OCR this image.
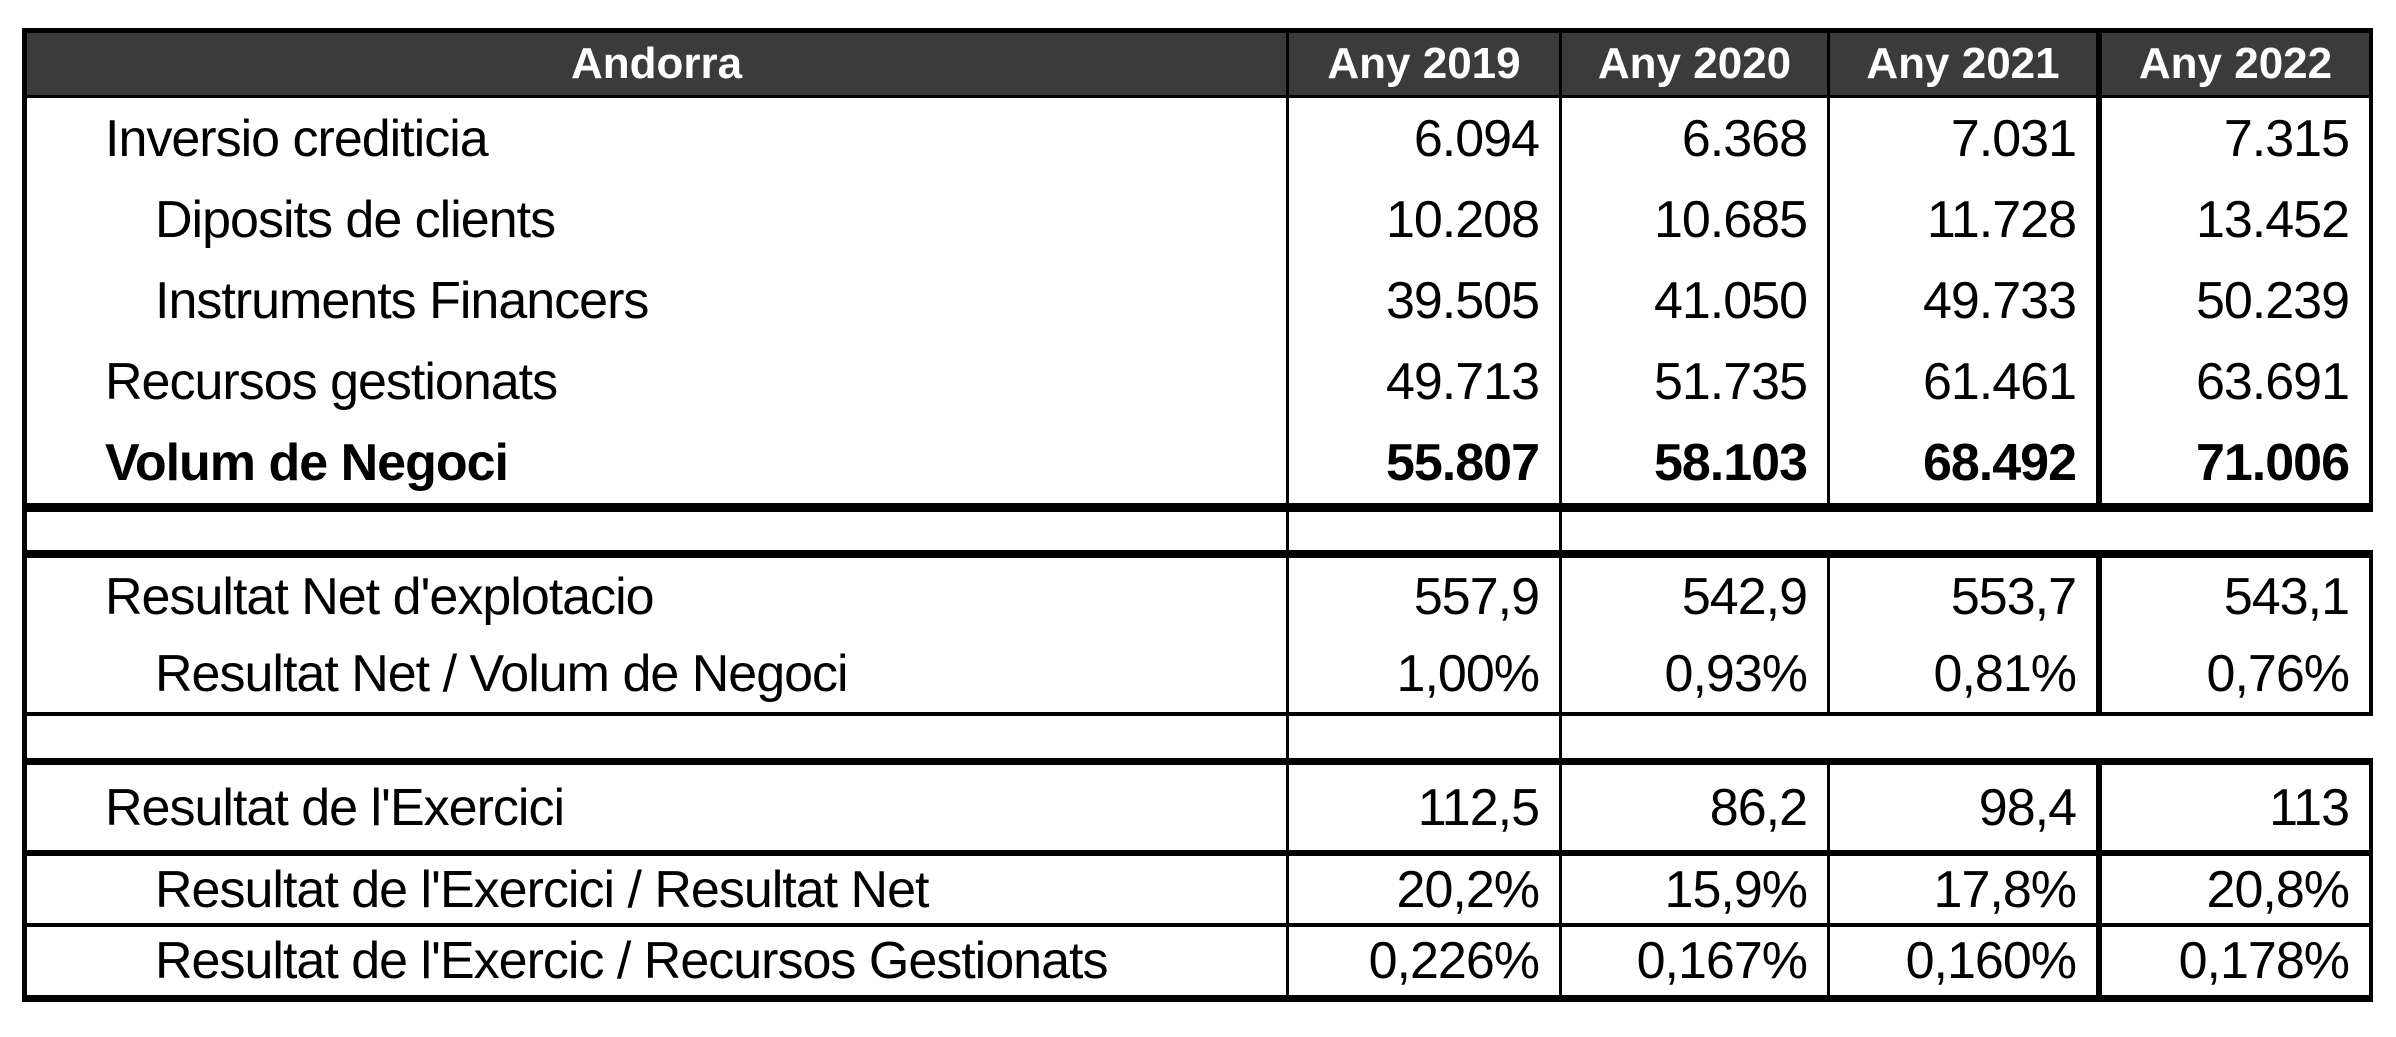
Andorra	Any 2019	Any 2020	Any 2021	Any 2022
Inversio crediticia	6.094	6.368	7.031	7.315
Diposits de clients	10.208	10.685	11.728	13.452
Instruments Financers	39.505	41.050	49.733	50.239
Recursos gestionats	49.713	51.735	61.461	63.691
Volum de Negoci	55.807	58.103	68.492	71.006
Resultat Net d'explotacio	557,9	542,9	553,7	543,1
Resultat Net / Volum de Negoci	1,00%	0,93%	0,81%	0,76%
Resultat de l'Exercici	112,5	86,2	98,4	113
Resultat de l'Exercici / Resultat Net	20,2%	15,9%	17,8%	20,8%
Resultat de l'Exercic / Recursos Gestionats	0,226%	0,167%	0,160%	0,178%
